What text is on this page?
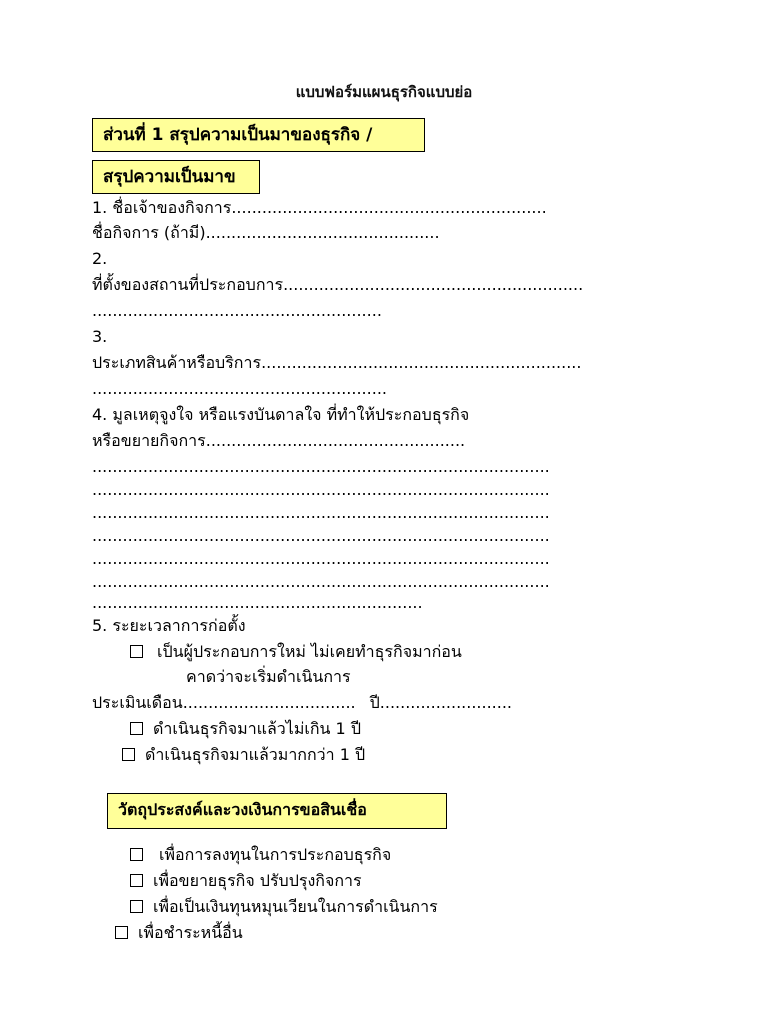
แบบฟอร์มแผนธุรกิจแบบย่อ
ส่วนที่ 1 สรุปความเป็นมาของธุรกิจ /
สรุปความเป็นมาข
1. ชื่อเจ้าของกิจการ..............................................................
ชื่อกิจการ (ถ้ามี)..............................................
2.
ที่ตั้งของสถานที่ประกอบการ...........................................................
.........................................................
3.
ประเภทสินค้าหรือบริการ...............................................................
..........................................................
4. มูลเหตุจูงใจ หรือแรงบันดาลใจ ที่ทำให้ประกอบธุรกิจ
หรือขยายกิจการ...................................................
..........................................................................................
..........................................................................................
..........................................................................................
..........................................................................................
..........................................................................................
..........................................................................................
.................................................................
5. ระยะเวลาการก่อตั้ง
เป็นผู้ประกอบการใหม่ ไม่เคยทำธุรกิจมาก่อน
คาดว่าจะเริ่มดำเนินการ
ประเมินเดือน.................................. ปี..........................
ดำเนินธุรกิจมาแล้วไม่เกิน 1 ปี
ดำเนินธุรกิจมาแล้วมากกว่า 1 ปี
วัตถุประสงค์และวงเงินการขอสินเชื่อ
เพื่อการลงทุนในการประกอบธุรกิจ
เพื่อขยายธุรกิจ ปรับปรุงกิจการ
เพื่อเป็นเงินทุนหมุนเวียนในการดำเนินการ
เพื่อชำระหนี้อื่น
